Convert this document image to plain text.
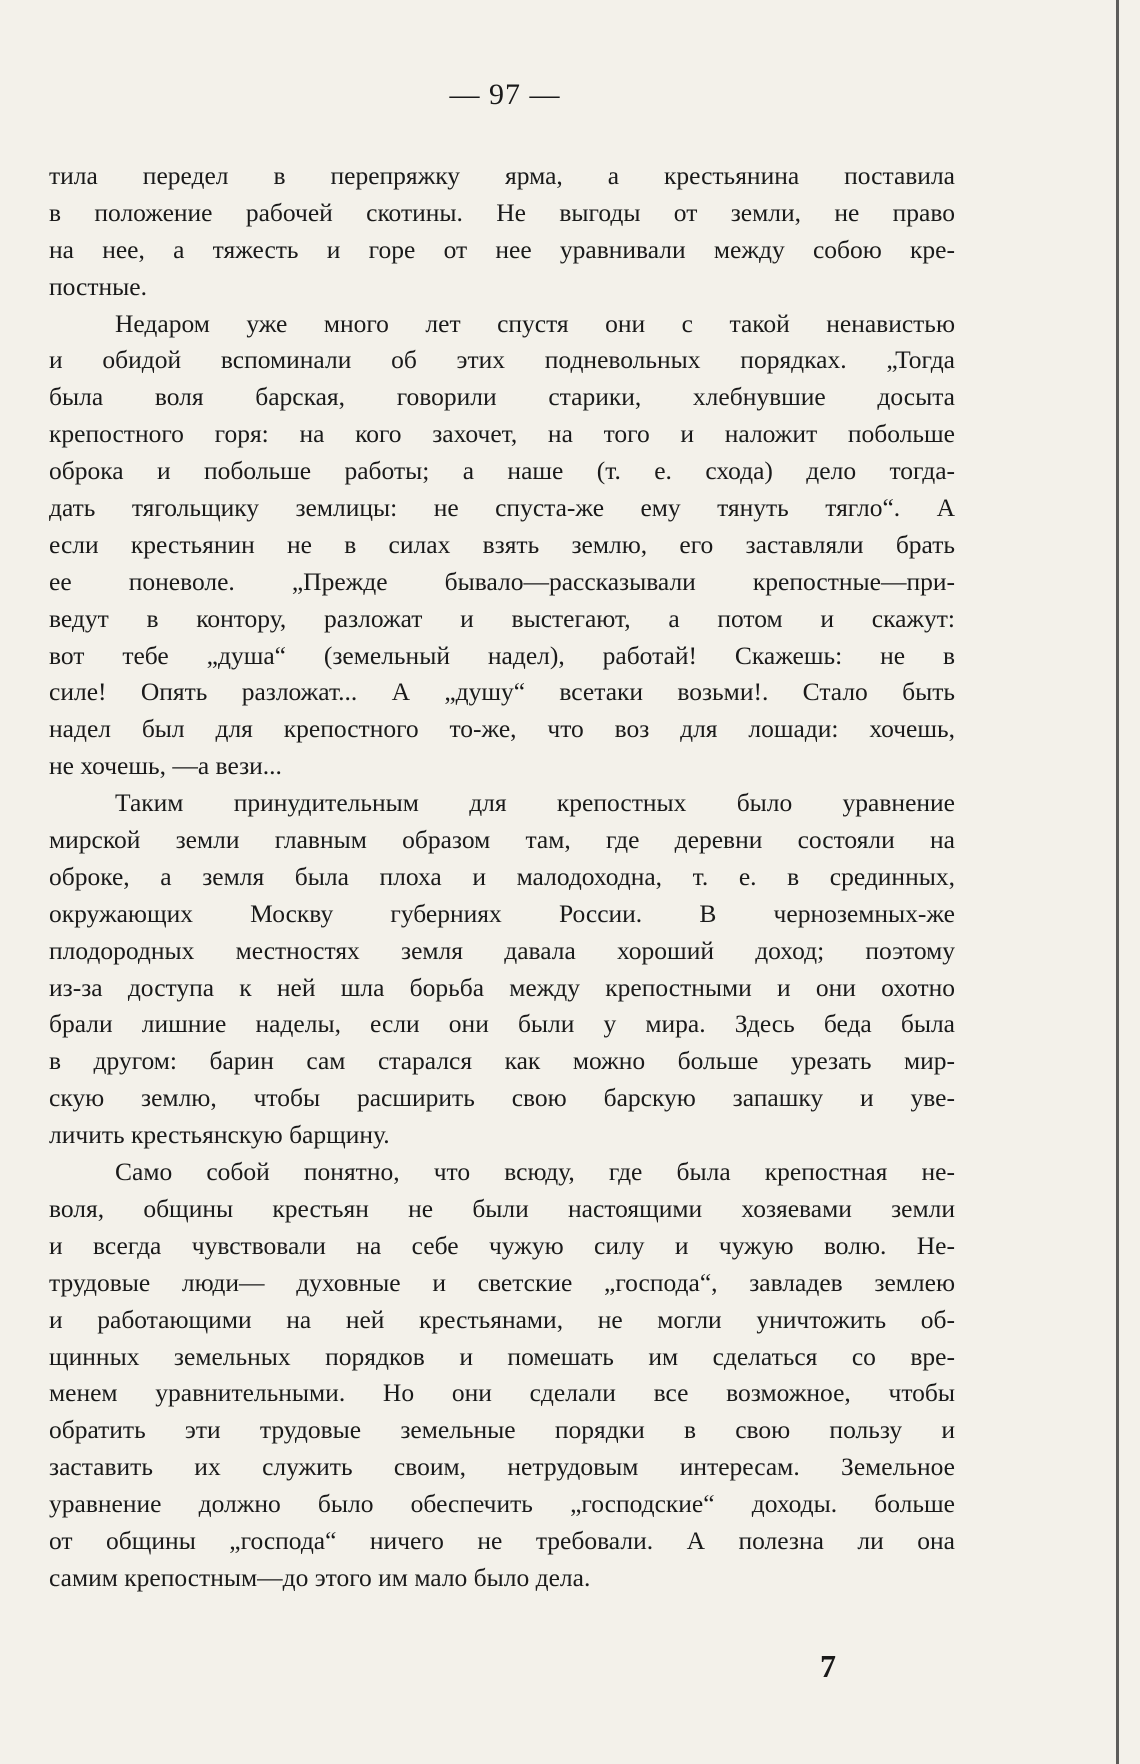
— 97 —
тила передел в перепряжку ярма, а крестьянина поставила
в положение рабочей скотины. Не выгоды от земли, не право
на нее, а тяжесть и горе от нее уравнивали между собою кре-
постные.
Недаром уже много лет спустя они с такой ненавистью
и обидой вспоминали об этих подневольных порядках. „Тогда
была воля барская, говорили старики, хлебнувшие досыта
крепостного горя: на кого захочет, на того и наложит побольше
оброка и побольше работы; а наше (т. е. схода) дело тогда-
дать тягольщику землицы: не спуста-же ему тянуть тягло“. А
если крестьянин не в силах взять землю, его заставляли брать
ее поневоле. „Прежде бывало—рассказывали крепостные—при-
ведут в контору, разложат и выстегают, а потом и скажут:
вот тебе „душа“ (земельный надел), работай! Скажешь: не в
силе! Опять разложат... А „душу“ всетаки возьми!. Стало быть
надел был для крепостного то-же, что воз для лошади: хочешь,
не хочешь, —а вези...
Таким принудительным для крепостных было уравнение
мирской земли главным образом там, где деревни состояли на
оброке, а земля была плоха и малодоходна, т. е. в срединных,
окружающих Москву губерниях России. В черноземных-же
плодородных местностях земля давала хороший доход; поэтому
из-за доступа к ней шла борьба между крепостными и они охотно
брали лишние наделы, если они были у мира. Здесь беда была
в другом: барин сам старался как можно больше урезать мир-
скую землю, чтобы расширить свою барскую запашку и уве-
личить крестьянскую барщину.
Само собой понятно, что всюду, где была крепостная не-
воля, общины крестьян не были настоящими хозяевами земли
и всегда чувствовали на себе чужую силу и чужую волю. Не-
трудовые люди— духовные и светские „господа“, завладев землею
и работающими на ней крестьянами, не могли уничтожить об-
щинных земельных порядков и помешать им сделаться со вре-
менем уравнительными. Но они сделали все возможное, чтобы
обратить эти трудовые земельные порядки в свою пользу и
заставить их служить своим, нетрудовым интересам. Земельное
уравнение должно было обеспечить „господские“ доходы. больше
от общины „господа“ ничего не требовали. А полезна ли она
самим крепостным—до этого им мало было дела.
7
